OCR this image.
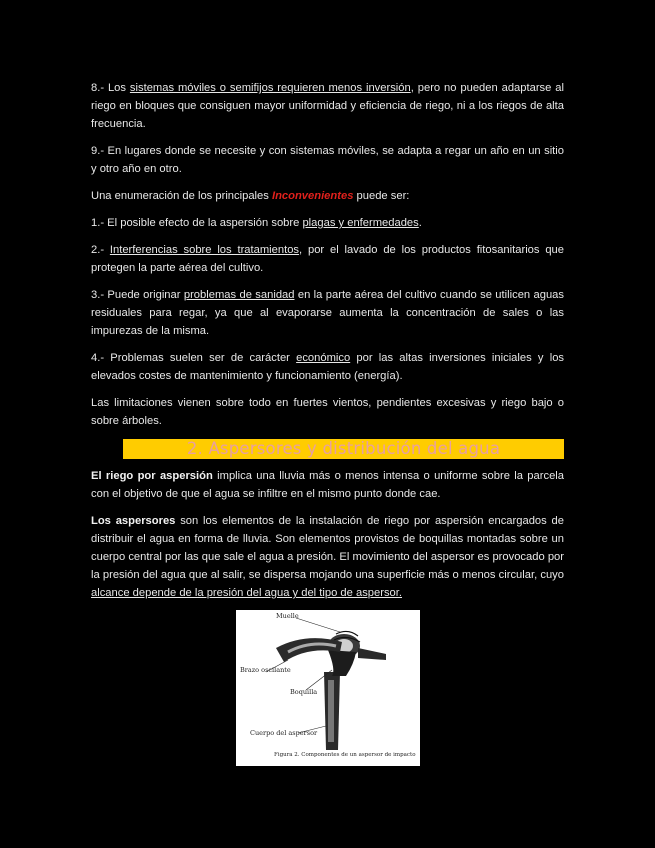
8.- Los sistemas móviles o semifijos requieren menos inversión, pero no pueden adaptarse al riego en bloques que consiguen mayor uniformidad y eficiencia de riego, ni a los riegos de alta frecuencia.

9.- En lugares donde se necesite y con sistemas móviles, se adapta a regar un año en un sitio y otro año en otro.

Una enumeración de los principales Inconvenientes puede ser:

1.- El posible efecto de la aspersión sobre plagas y enfermedades.

2.- Interferencias sobre los tratamientos, por el lavado de los productos fitosanitarios que protegen la parte aérea del cultivo.

3.- Puede originar problemas de sanidad en la parte aérea del cultivo cuando se utilicen aguas residuales para regar, ya que al evaporarse aumenta la concentración de sales o las impurezas de la misma.

4.- Problemas suelen ser de carácter económico por las altas inversiones iniciales y los elevados costes de mantenimiento y funcionamiento (energía).

Las limitaciones vienen sobre todo en fuertes vientos, pendientes excesivas y riego bajo o sobre árboles.

2. Aspersores y distribución del agua

El riego por aspersión implica una lluvia más o menos intensa o uniforme sobre la parcela con el objetivo de que el agua se infiltre en el mismo punto donde cae.

Los aspersores son los elementos de la instalación de riego por aspersión encargados de distribuir el agua en forma de lluvia. Son elementos provistos de boquillas montadas sobre un cuerpo central por las que sale el agua a presión. El movimiento del aspersor es provocado por la presión del agua que al salir, se dispersa mojando una superficie más o menos circular, cuyo alcance depende de la presión del agua y del tipo de aspersor.

Muelle
Brazo oscilante
Boquilla
Cuerpo del aspersor
Figura 2. Componentes de un aspersor de impacto
